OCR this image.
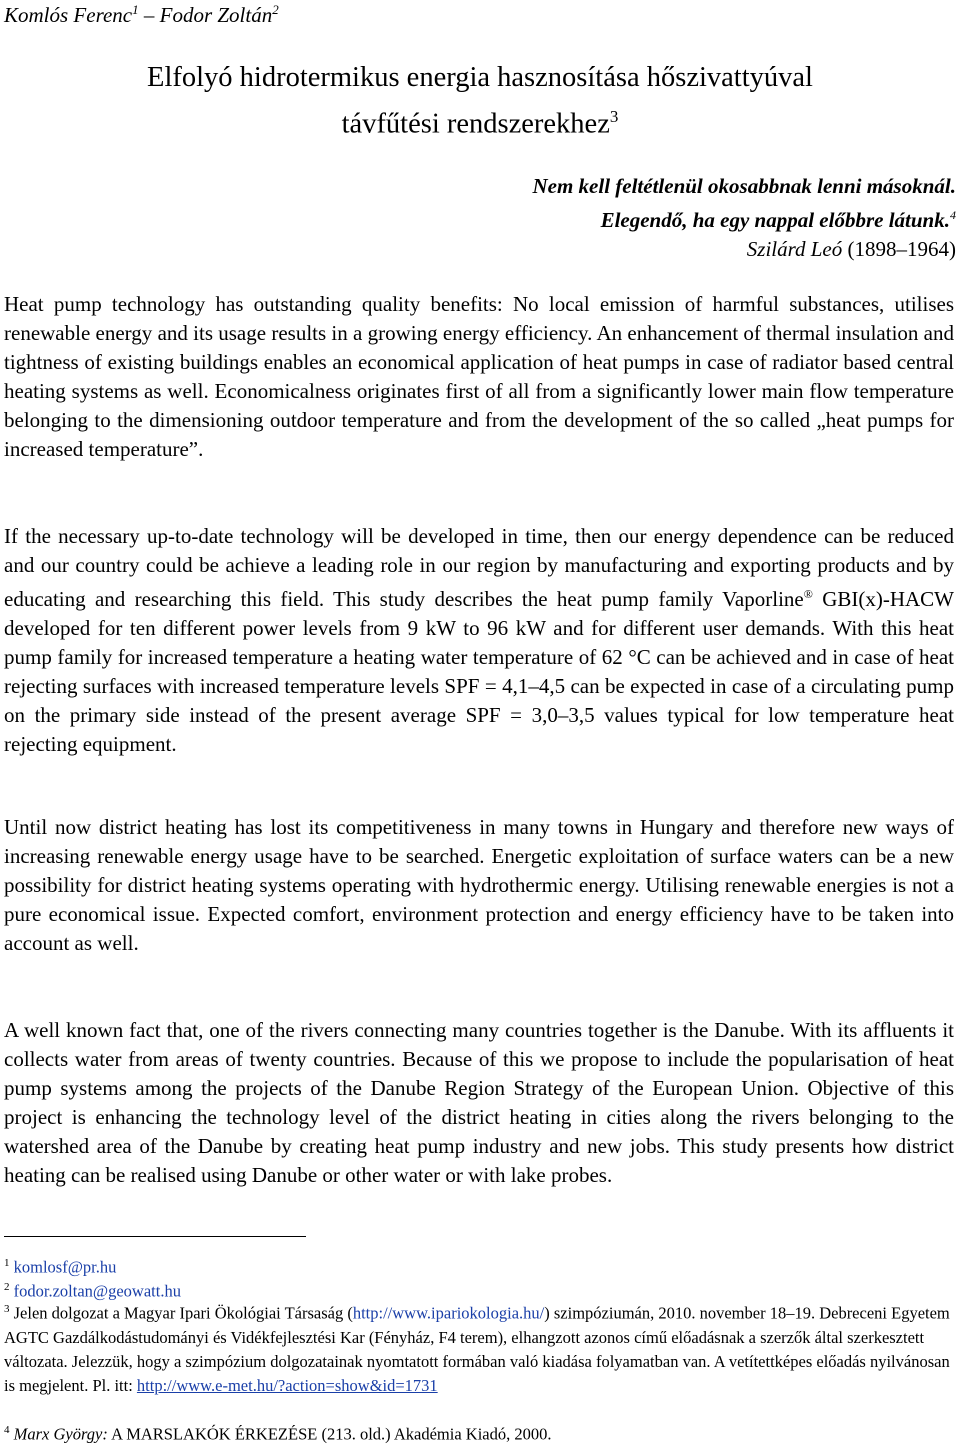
Komlós Ferenc$^1$ – Fodor Zoltán$^2$
Elfolyó hidrotermikus energia hasznosítása hőszivattyúval
távfűtési rendszerekhez$^3$
Nem kell feltétlenül okosabbnak lenni másoknál.
Elegendő, ha egy nappal előbbre látunk.$^4$
Szilárd Leó (1898–1964)

Heat pump technology has outstanding quality benefits: No local emission of harmful substances, utilises renewable energy and its usage results in a growing energy efficiency. An enhancement of thermal insulation and tightness of existing buildings enables an economical application of heat pumps in case of radiator based central heating systems as well. Economicalness originates first of all from a significantly lower main flow temperature belonging to the dimensioning outdoor temperature and from the development of the so called „heat pumps for increased temperature”.

If the necessary up-to-date technology will be developed in time, then our energy dependence can be reduced and our country could be achieve a leading role in our region by manufacturing and exporting products and by educating and researching this field. This study describes the heat pump family Vaporline® GBI(x)-HACW developed for ten different power levels from 9 kW to 96 kW and for different user demands. With this heat pump family for increased temperature a heating water temperature of 62 °C can be achieved and in case of heat rejecting surfaces with increased temperature levels SPF = 4,1–4,5 can be expected in case of a circulating pump on the primary side instead of the present average SPF = 3,0–3,5 values typical for low temperature heat rejecting equipment.

Until now district heating has lost its competitiveness in many towns in Hungary and therefore new ways of increasing renewable energy usage have to be searched. Energetic exploitation of surface waters can be a new possibility for district heating systems operating with hydrothermic energy. Utilising renewable energies is not a pure economical issue. Expected comfort, environment protection and energy efficiency have to be taken into account as well.

A well known fact that, one of the rivers connecting many countries together is the Danube. With its affluents it collects water from areas of twenty countries. Because of this we propose to include the popularisation of heat pump systems among the projects of the Danube Region Strategy of the European Union. Objective of this project is enhancing the technology level of the district heating in cities along the rivers belonging to the watershed area of the Danube by creating heat pump industry and new jobs. This study presents how district heating can be realised using Danube or other water or with lake probes.

$^1$ komlosf@pr.hu
$^2$ fodor.zoltan@geowatt.hu
$^3$ Jelen dolgozat a Magyar Ipari Ökológiai Társaság (http://www.ipariokologia.hu/) szimpóziumán, 2010. november 18–19. Debreceni Egyetem AGTC Gazdálkodástudományi és Vidékfejlesztési Kar (Fényház, F4 terem), elhangzott azonos című előadásnak a szerzők által szerkesztett változata. Jelezzük, hogy a szimpózium dolgozatainak nyomtatott formában való kiadása folyamatban van. A vetítettképes előadás nyilvánosan is megjelent. Pl. itt: http://www.e-met.hu/?action=show&id=1731
$^4$ Marx György: A MARSLAKÓK ÉRKEZÉSE (213. old.) Akadémia Kiadó, 2000.
